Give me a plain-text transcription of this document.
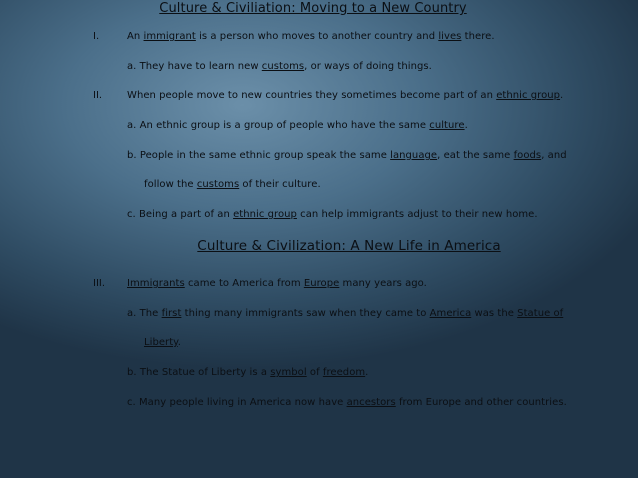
Culture & Civiliation: Moving to a New Country
I.	An immigrant is a person who moves to another country and lives there.
a. They have to learn new customs, or ways of doing things.
II. When people move to new countries they sometimes become part of an ethnic group.
a. An ethnic group is a group of people who have the same culture.
b. People in the same ethnic group speak the same language, eat the same foods, and
follow the customs of their culture.
c. Being a part of an ethnic group can help immigrants adjust to their new home.
Culture & Civilization: A New Life in America
III. Immigrants came to America from Europe many years ago.
a. The first thing many immigrants saw when they came to America was the Statue of
Liberty.
b. The Statue of Liberty is a symbol of freedom.
c. Many people living in America now have ancestors from Europe and other countries.
